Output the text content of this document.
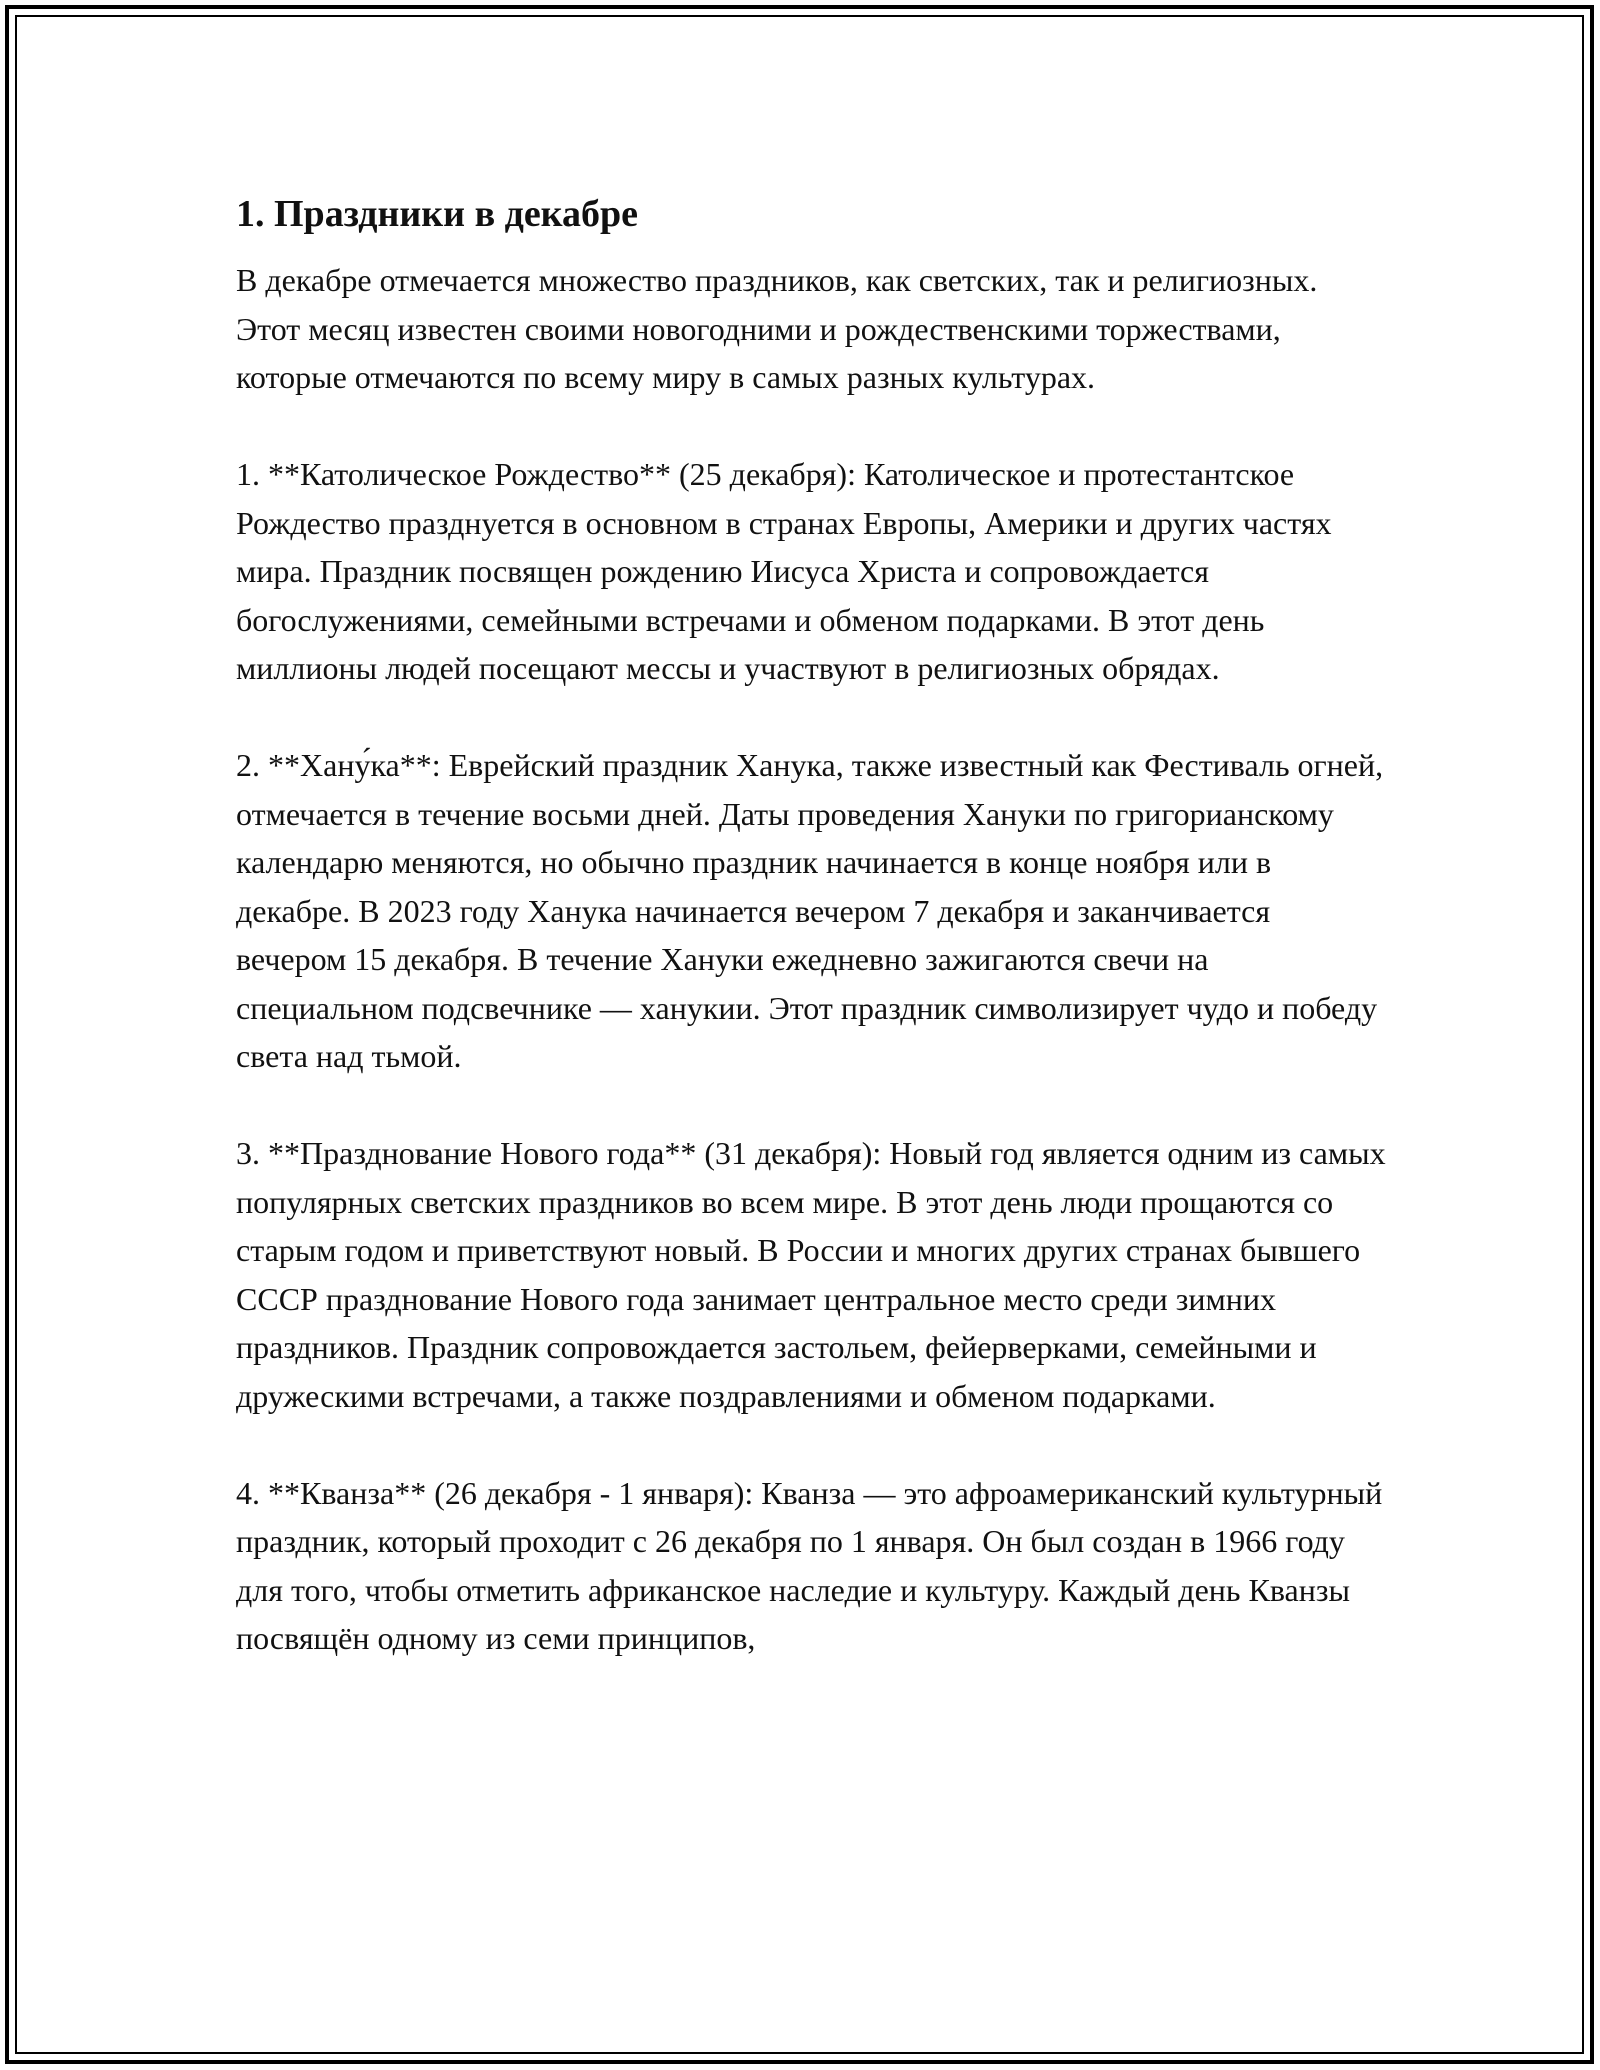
1. Праздники в декабре

В декабре отмечается множество праздников, как светских, так и религиозных. Этот месяц известен своими новогодними и рождественскими торжествами, которые отмечаются по всему миру в самых разных культурах.

1. **Католическое Рождество** (25 декабря): Католическое и протестантское Рождество празднуется в основном в странах Европы, Америки и других частях мира. Праздник посвящен рождению Иисуса Христа и сопровождается богослужениями, семейными встречами и обменом подарками. В этот день миллионы людей посещают мессы и участвуют в религиозных обрядах.

2. **Хану́ка**: Еврейский праздник Ханука, также известный как Фестиваль огней, отмечается в течение восьми дней. Даты проведения Хануки по григорианскому календарю меняются, но обычно праздник начинается в конце ноября или в декабре. В 2023 году Ханука начинается вечером 7 декабря и заканчивается вечером 15 декабря. В течение Хануки ежедневно зажигаются свечи на специальном подсвечнике — ханукии. Этот праздник символизирует чудо и победу света над тьмой.

3. **Празднование Нового года** (31 декабря): Новый год является одним из самых популярных светских праздников во всем мире. В этот день люди прощаются со старым годом и приветствуют новый. В России и многих других странах бывшего СССР празднование Нового года занимает центральное место среди зимних праздников. Праздник сопровождается застольем, фейерверками, семейными и дружескими встречами, а также поздравлениями и обменом подарками.

4. **Кванза** (26 декабря - 1 января): Кванза — это афроамериканский культурный праздник, который проходит с 26 декабря по 1 января. Он был создан в 1966 году для того, чтобы отметить африканское наследие и культуру. Каждый день Кванзы посвящён одному из семи принципов,
